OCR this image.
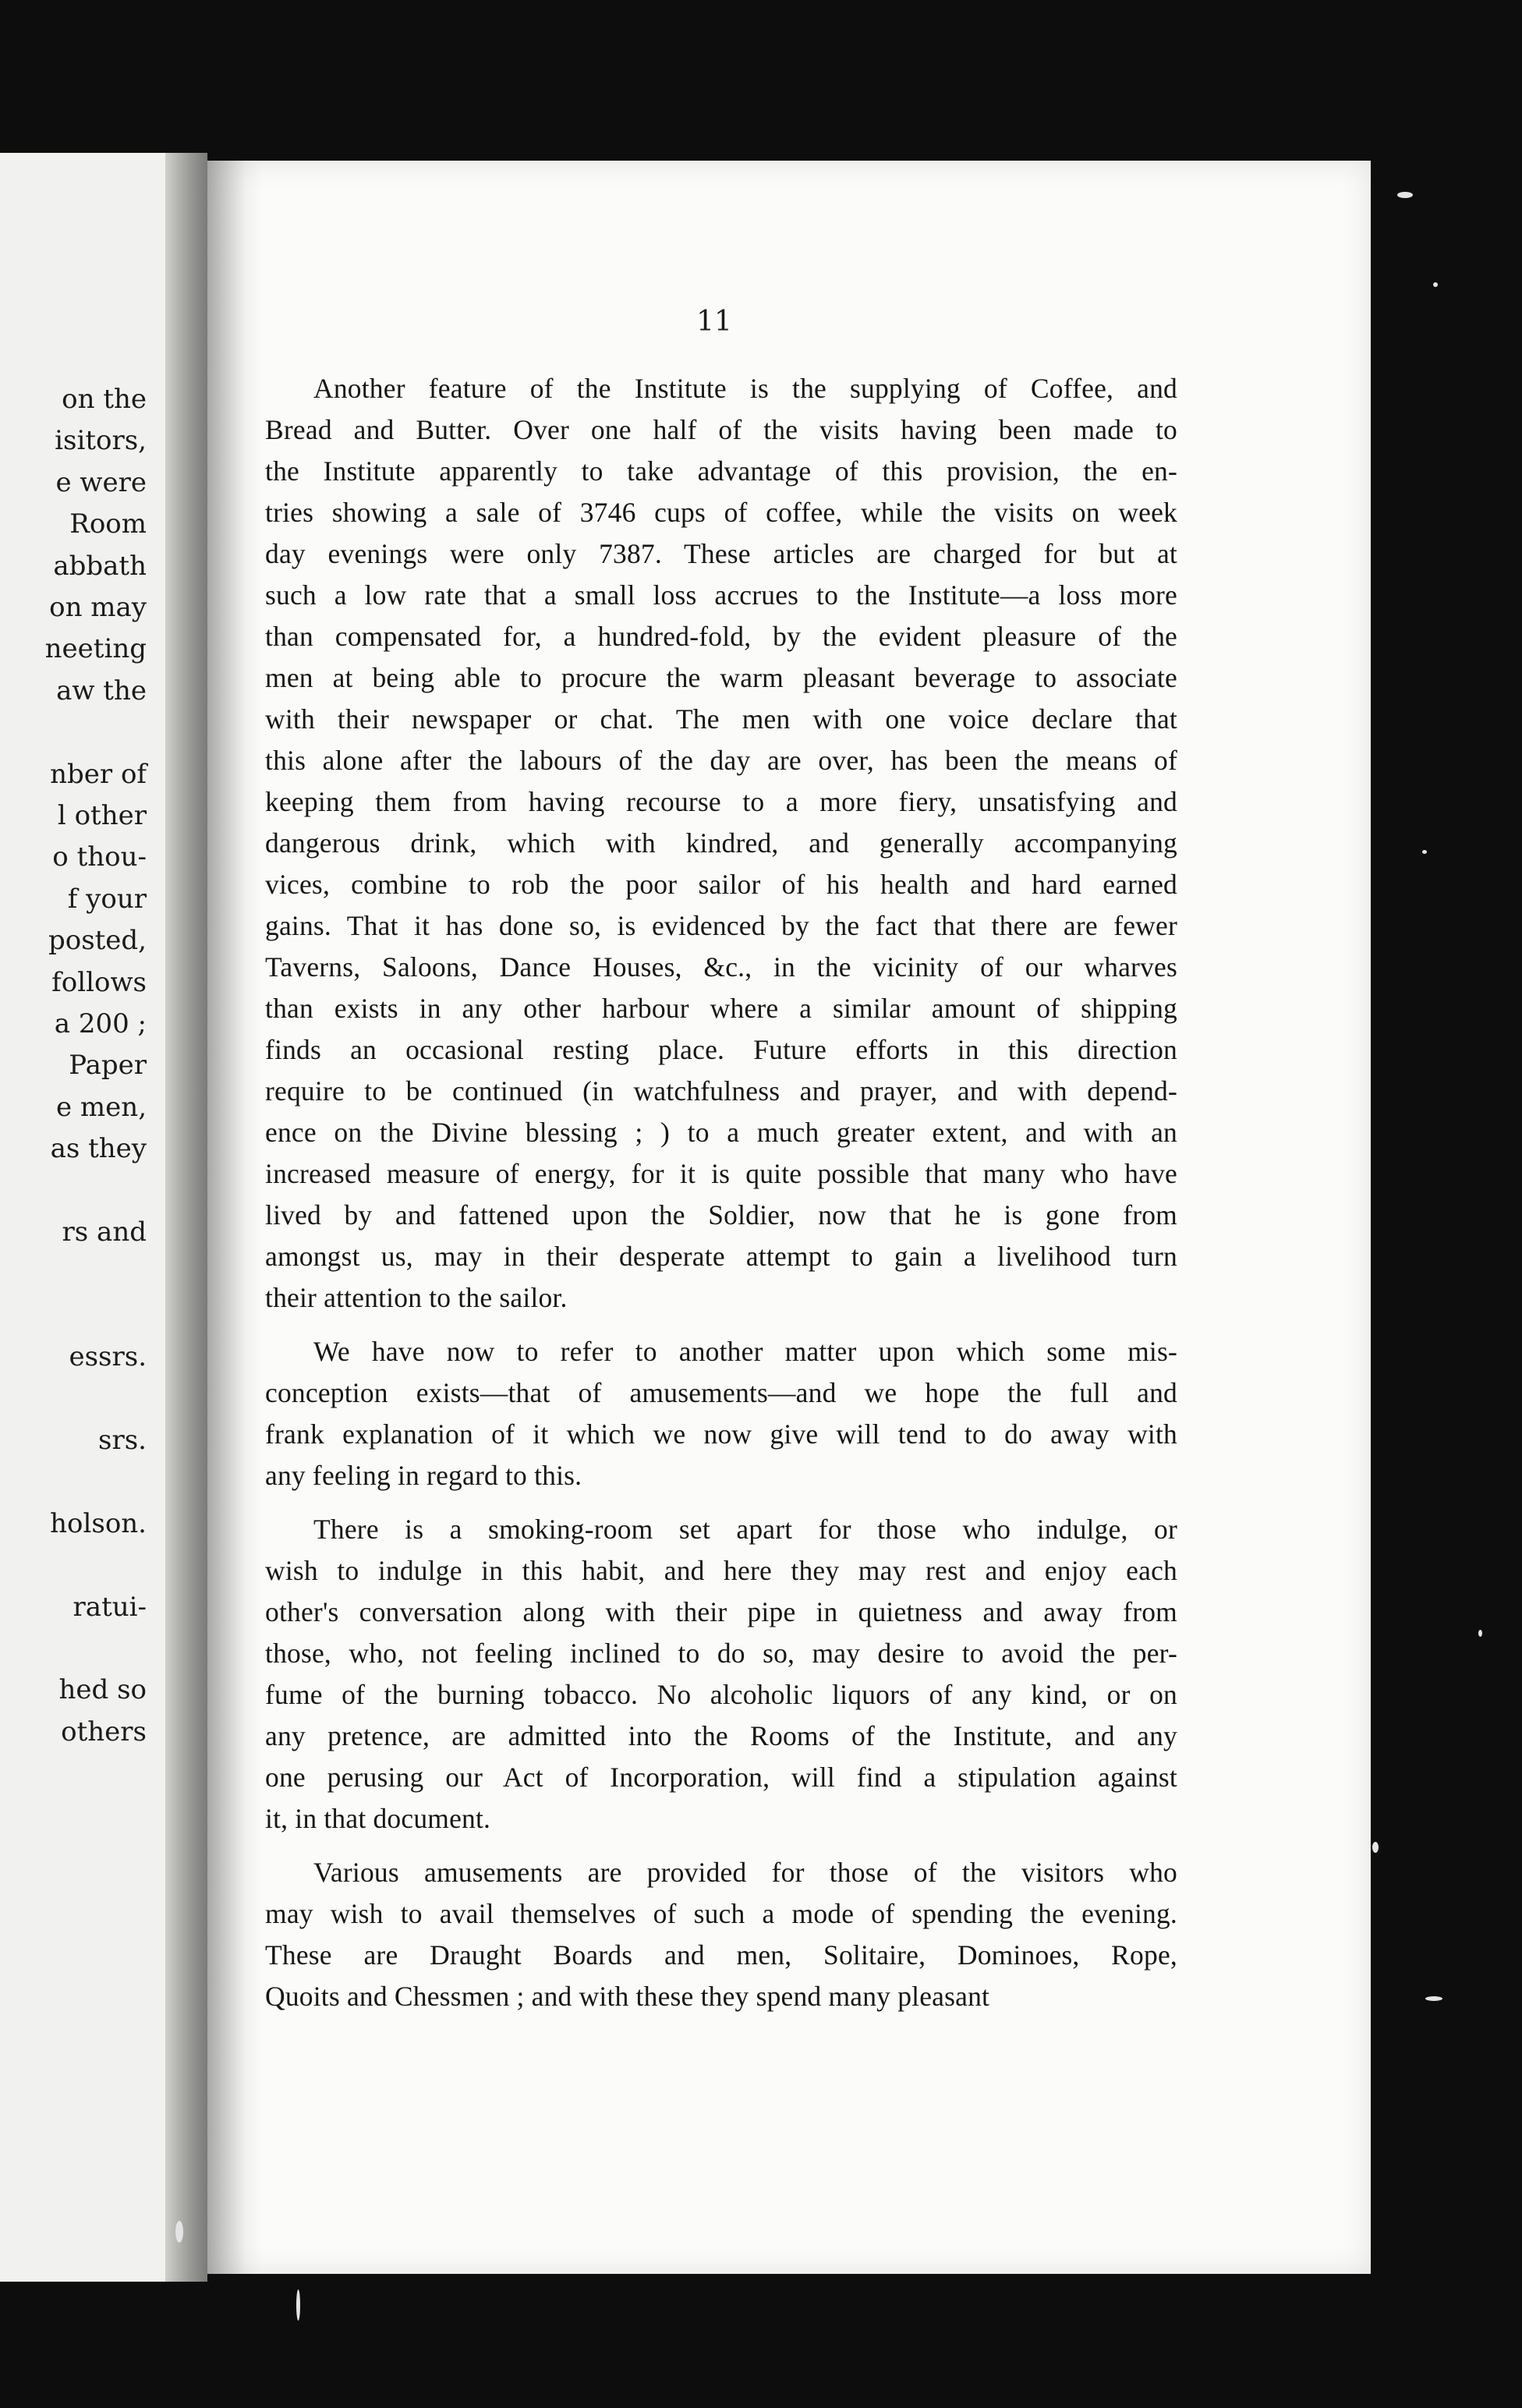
on the
isitors,
e were
Room
abbath
on may
neeting
aw the
nber of
l other
o thou-
f your
posted,
follows
a 200 ;
Paper
e men,
as they
rs and
essrs.
srs.
holson.
ratui-
hed so
others
11
Another feature of the Institute is the supplying of Coffee, and
Bread and Butter. Over one half of the visits having been made to
the Institute apparently to take advantage of this provision, the en-
tries showing a sale of 3746 cups of coffee, while the visits on week
day evenings were only 7387. These articles are charged for but at
such a low rate that a small loss accrues to the Institute—a loss more
than compensated for, a hundred-fold, by the evident pleasure of the
men at being able to procure the warm pleasant beverage to associate
with their newspaper or chat. The men with one voice declare that
this alone after the labours of the day are over, has been the means of
keeping them from having recourse to a more fiery, unsatisfying and
dangerous drink, which with kindred, and generally accompanying
vices, combine to rob the poor sailor of his health and hard earned
gains. That it has done so, is evidenced by the fact that there are fewer
Taverns, Saloons, Dance Houses, &c., in the vicinity of our wharves
than exists in any other harbour where a similar amount of shipping
finds an occasional resting place. Future efforts in this direction
require to be continued (in watchfulness and prayer, and with depend-
ence on the Divine blessing ; ) to a much greater extent, and with an
increased measure of energy, for it is quite possible that many who have
lived by and fattened upon the Soldier, now that he is gone from
amongst us, may in their desperate attempt to gain a livelihood turn
their attention to the sailor.
We have now to refer to another matter upon which some mis-
conception exists—that of amusements—and we hope the full and
frank explanation of it which we now give will tend to do away with
any feeling in regard to this.
There is a smoking-room set apart for those who indulge, or
wish to indulge in this habit, and here they may rest and enjoy each
other's conversation along with their pipe in quietness and away from
those, who, not feeling inclined to do so, may desire to avoid the per-
fume of the burning tobacco. No alcoholic liquors of any kind, or on
any pretence, are admitted into the Rooms of the Institute, and any
one perusing our Act of Incorporation, will find a stipulation against
it, in that document.
Various amusements are provided for those of the visitors who
may wish to avail themselves of such a mode of spending the evening.
These are Draught Boards and men, Solitaire, Dominoes, Rope,
Quoits and Chessmen ; and with these they spend many pleasant
